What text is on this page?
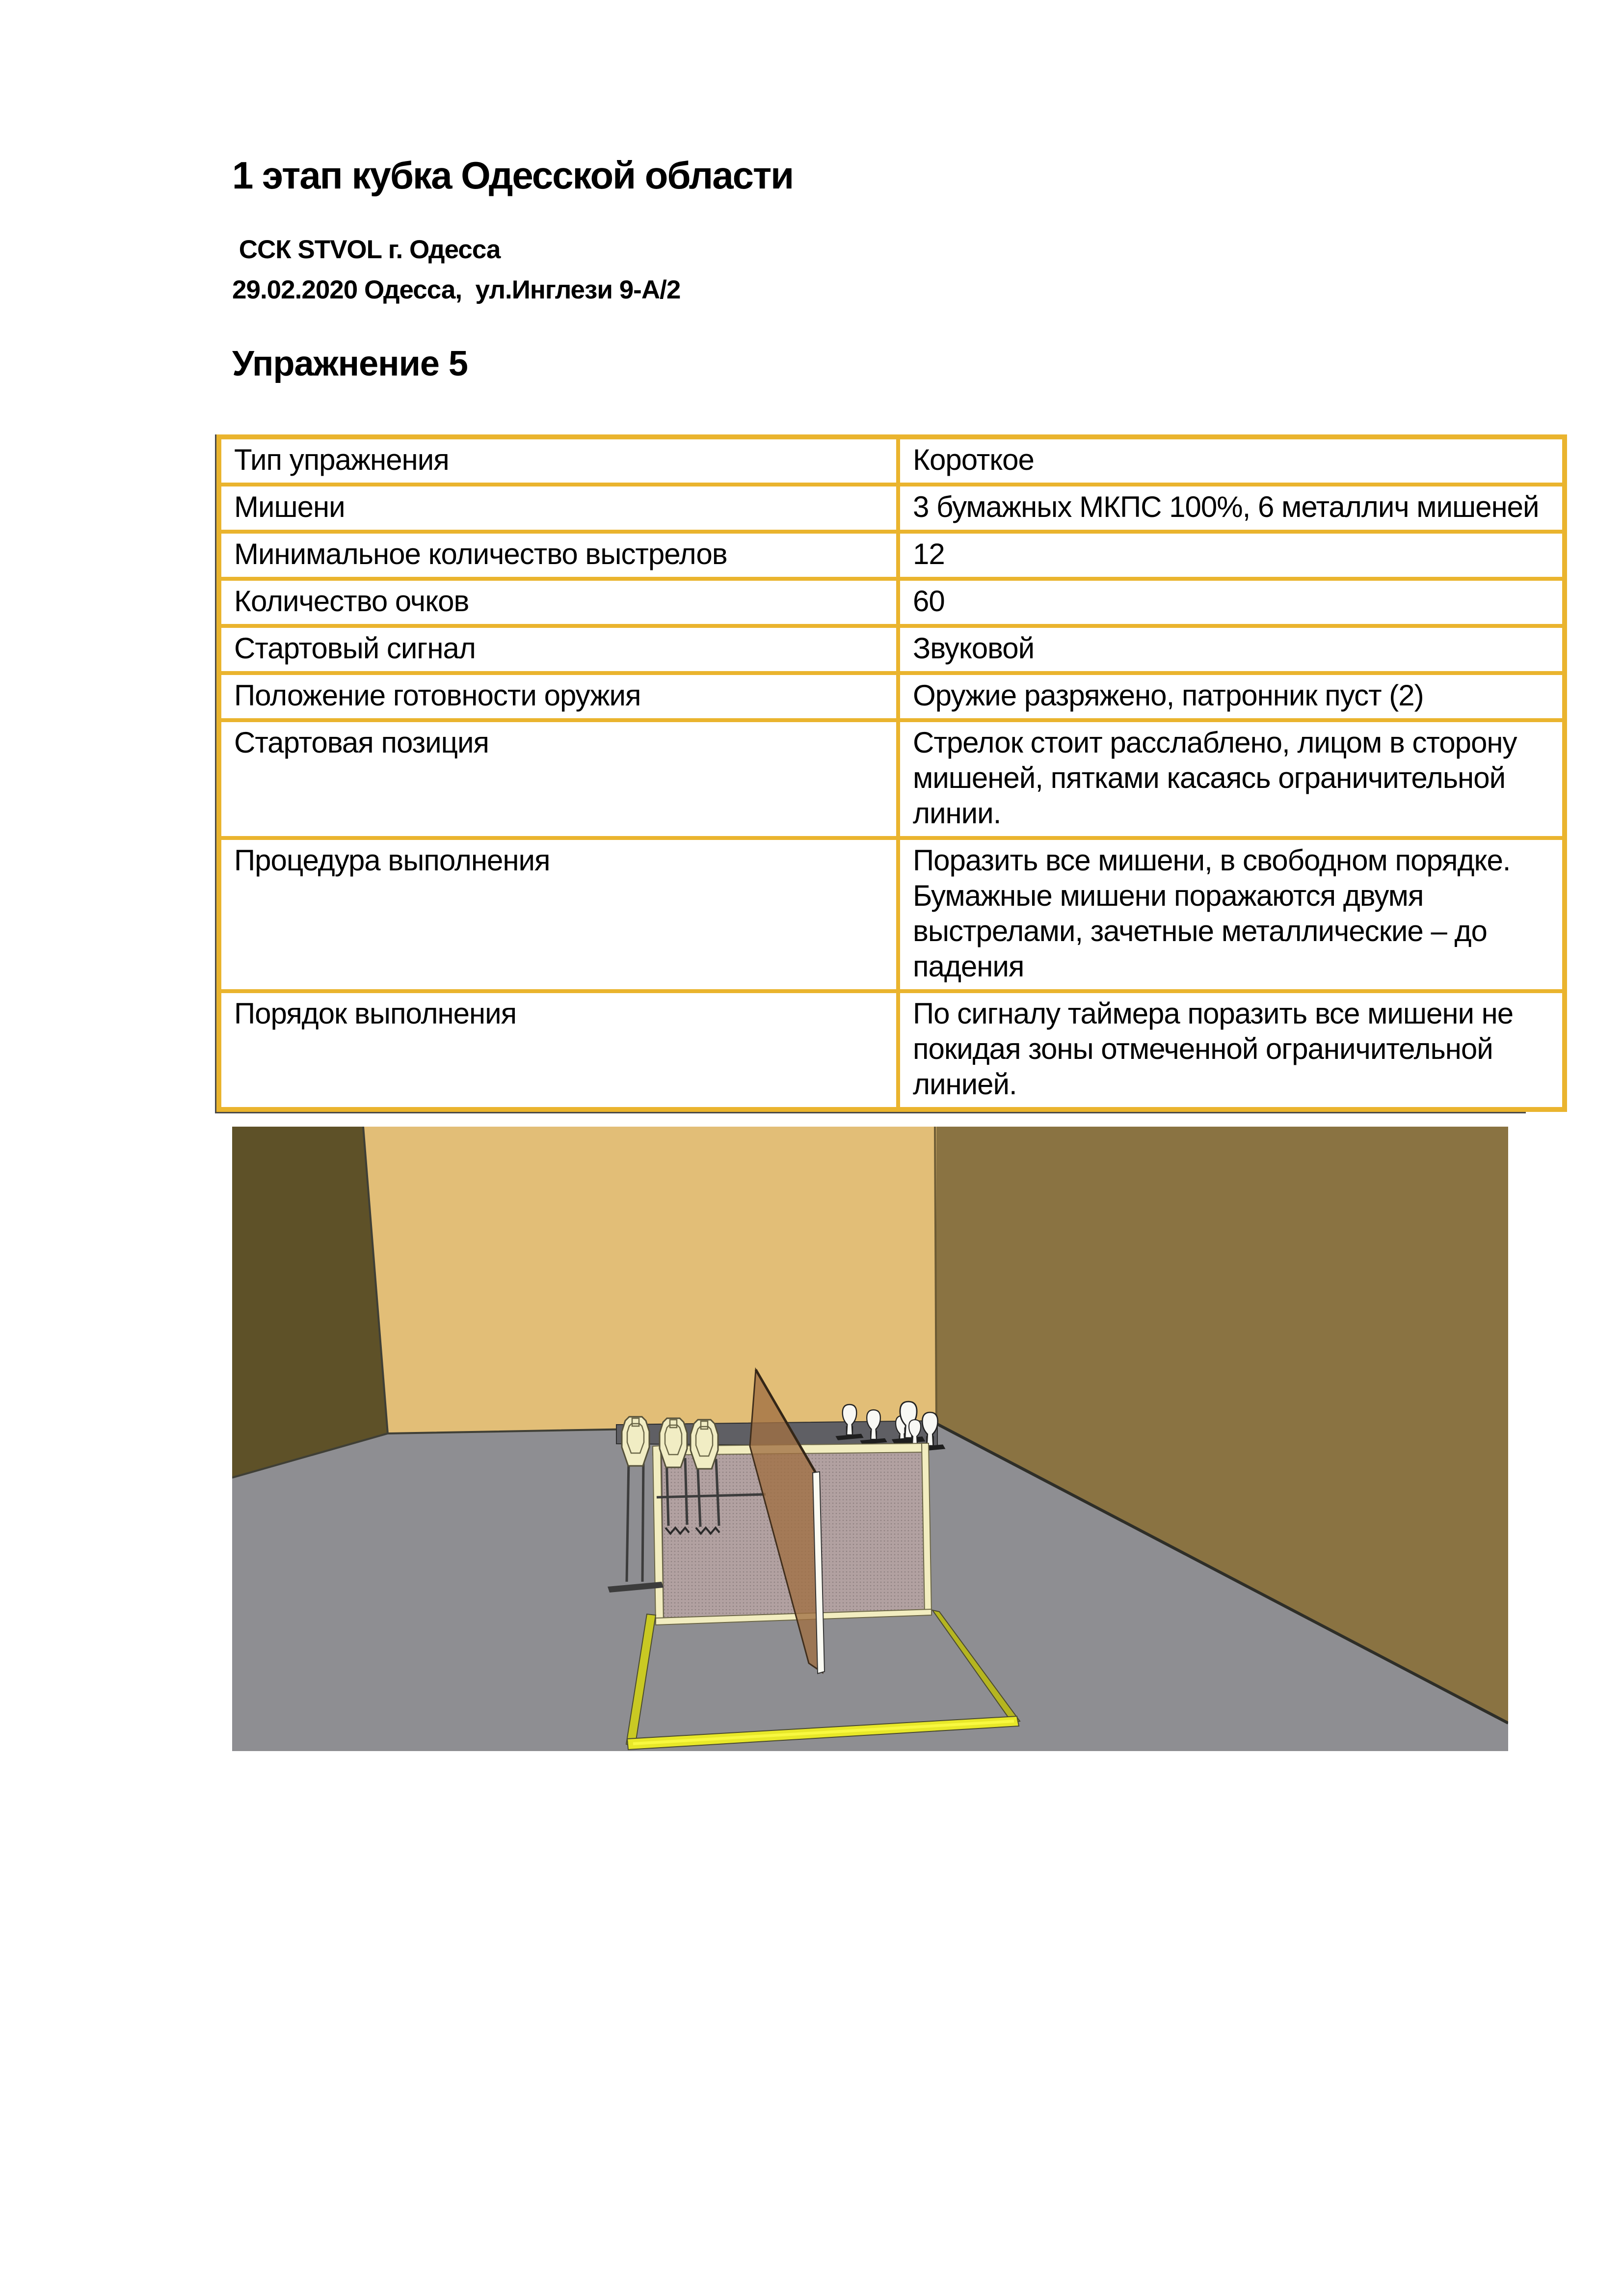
1 этап кубка Одесской области
ССК STVOL г. Одесса
29.02.2020 Одесса,  ул.Инглези 9-А/2
Упражнение 5
Тип упражнения	Короткое
Мишени	3 бумажных МКПС 100%, 6 металлич мишеней
Минимальное количество выстрелов	12
Количество очков	60
Стартовый сигнал	Звуковой
Положение готовности оружия	Оружие разряжено, патронник пуст (2)
Стартовая позиция	Стрелок стоит расслаблено, лицом в сторону мишеней, пятками касаясь ограничительной линии.
Процедура выполнения	Поразить все мишени, в свободном порядке. Бумажные мишени поражаются двумя выстрелами, зачетные металлические – до падения
Порядок выполнения	По сигналу таймера поразить все мишени не покидая зоны отмеченной ограничительной линией.
